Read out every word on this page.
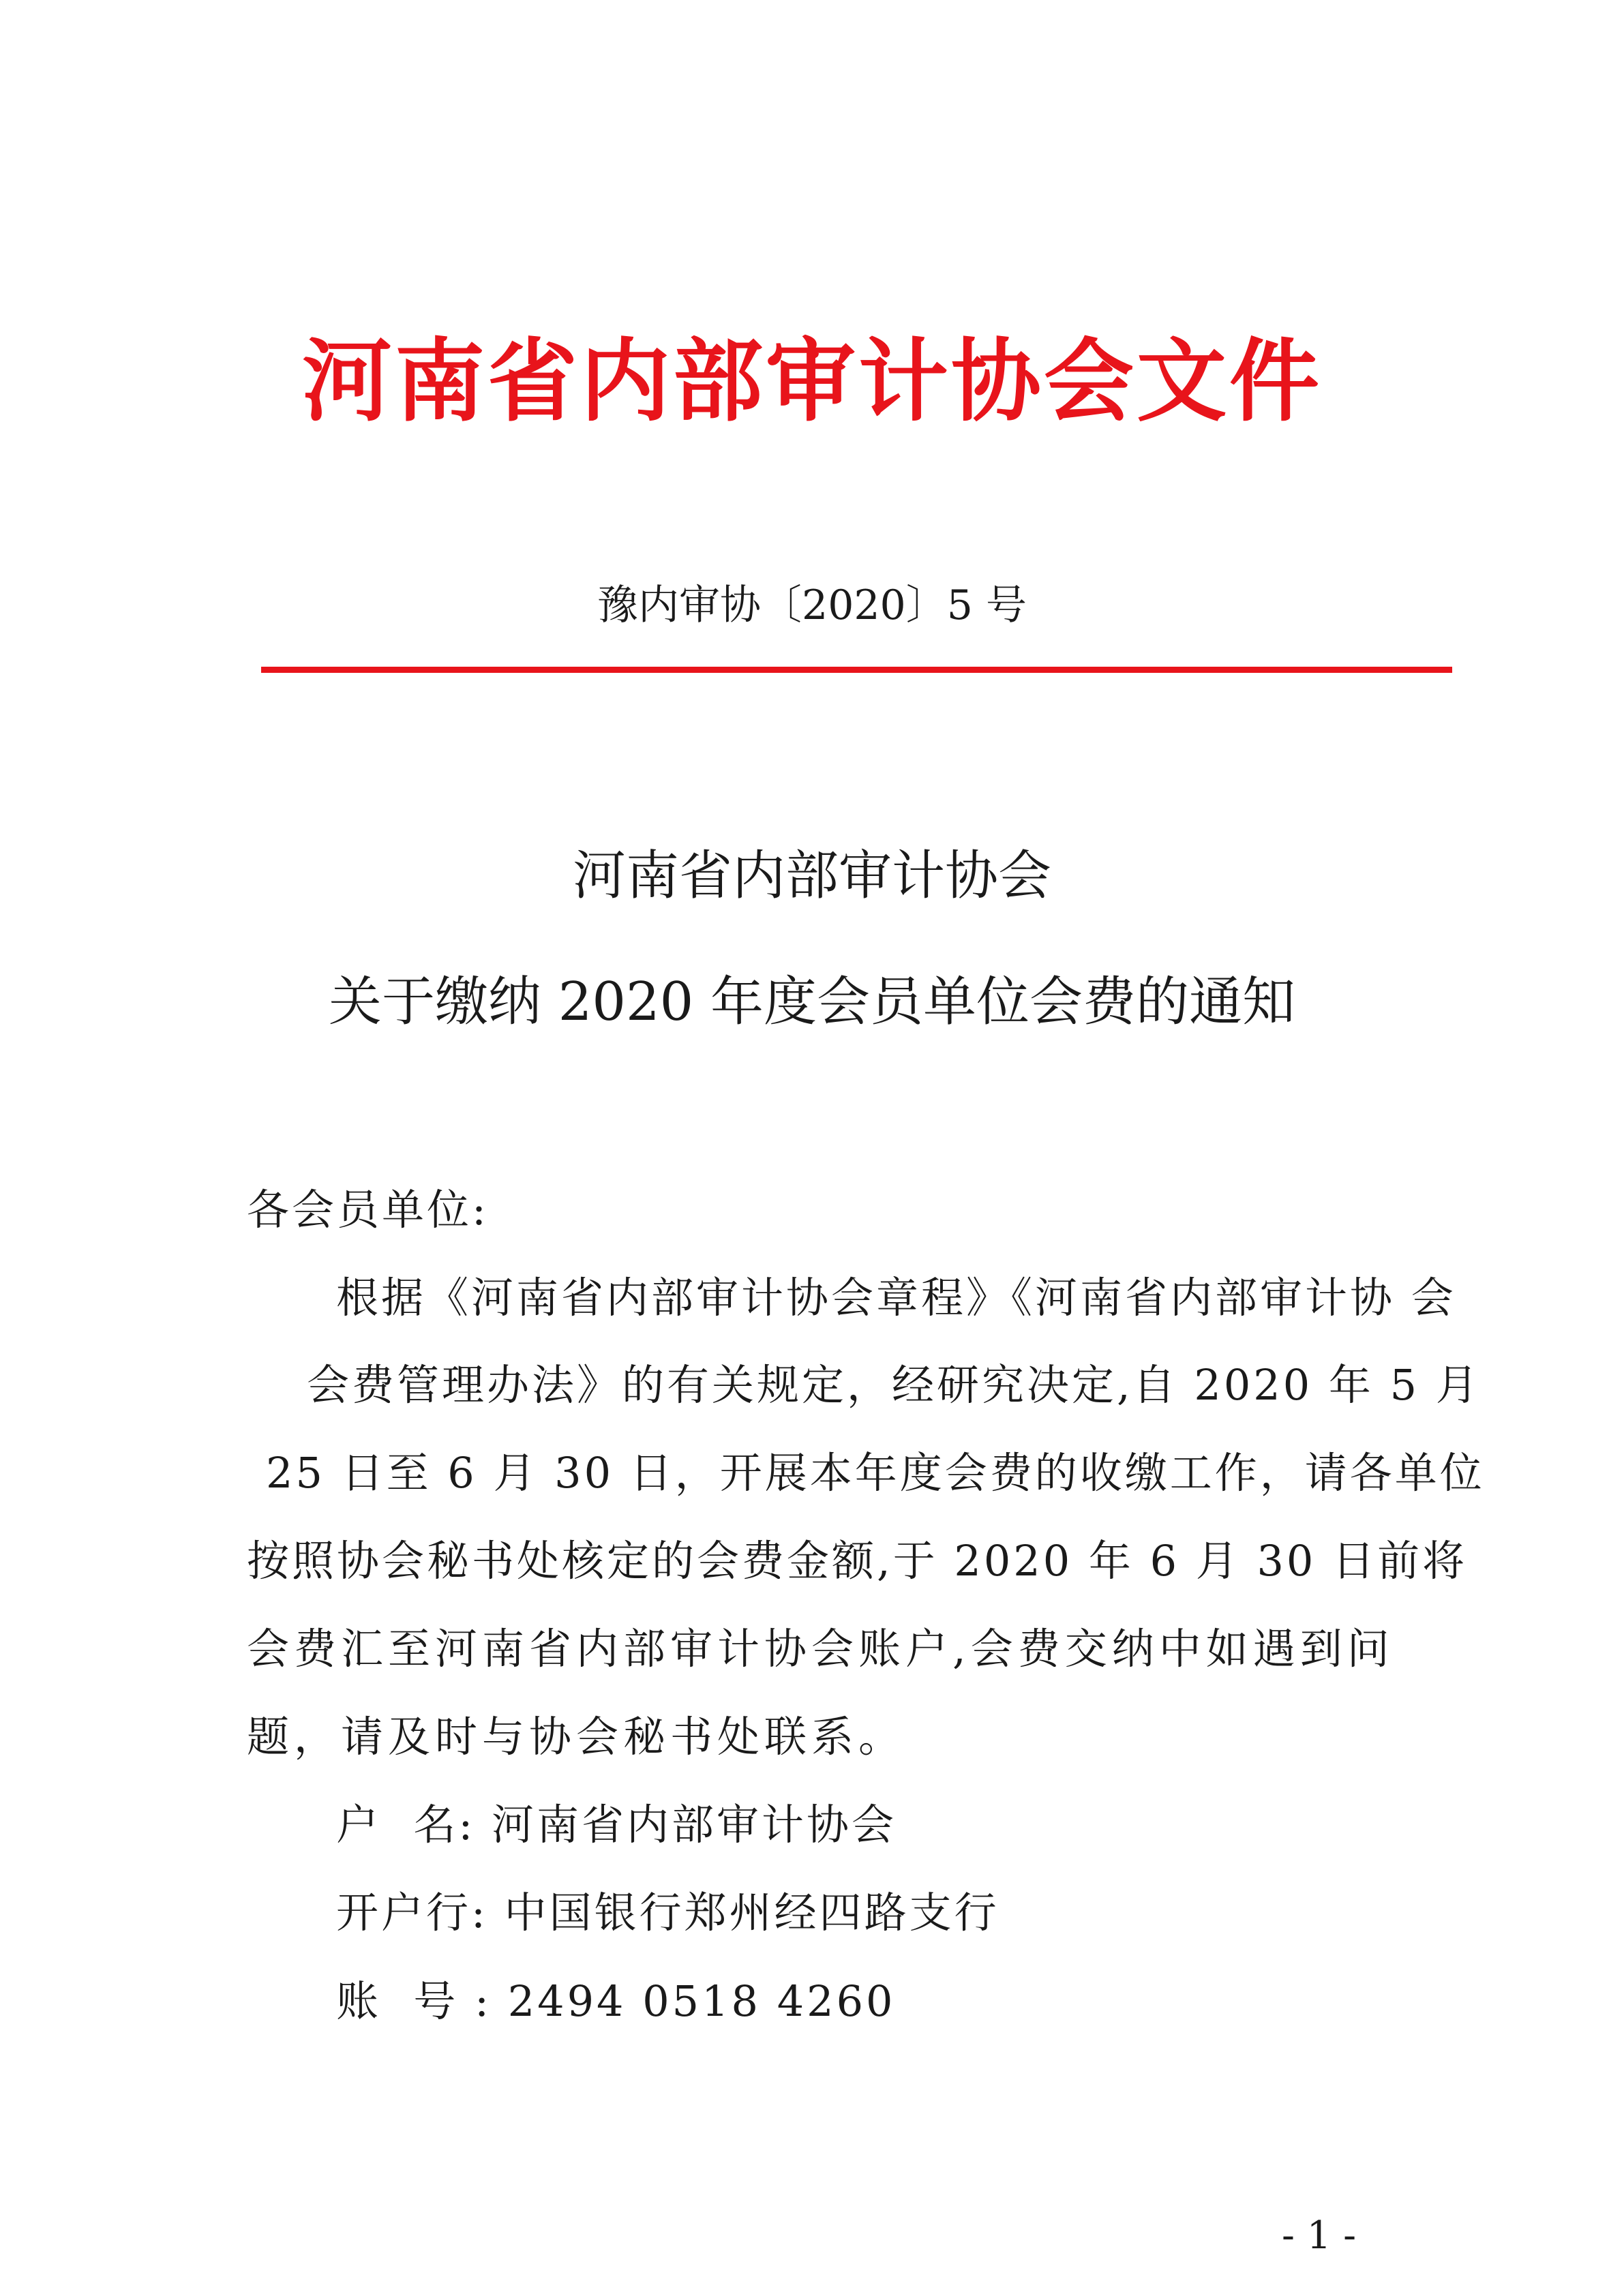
河南省内部审计协会文件
豫内审协〔2020〕5 号
河南省内部审计协会
关于缴纳 2020 年度会员单位会费的通知
各会员单位:
根据《河南省内部审计协会章程》《河南省内部审计协 会
会费管理办法》的有关规定，经研究决定,自 2020 年 5 月
25 日至 6 月 30 日，开展本年度会费的收缴工作，请各单位
按照协会秘书处核定的会费金额,于 2020 年 6 月 30 日前将
会费汇至河南省内部审计协会账户,会费交纳中如遇到问
题，请及时与协会秘书处联系。
户  名: 河南省内部审计协会
开户行: 中国银行郑州经四路支行
账  号 : 2494 0518 4260
- 1 -
